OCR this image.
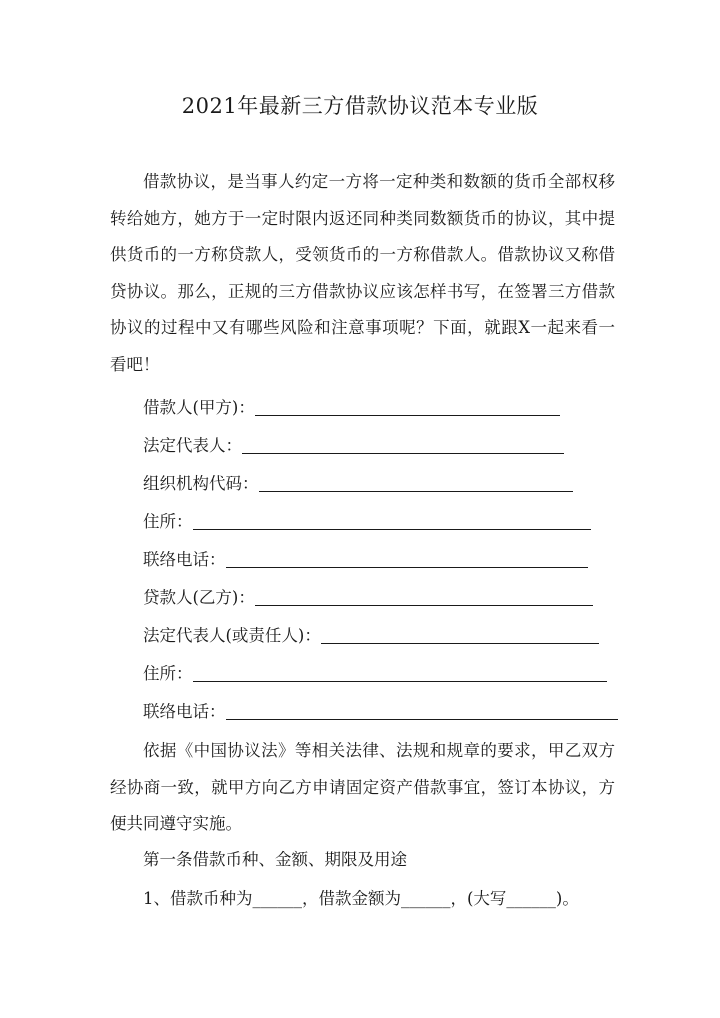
2021年最新三方借款协议范本专业版

借款协议，是当事人约定一方将一定种类和数额的货币全部权移转给她方，她方于一定时限内返还同种类同数额货币的协议，其中提供货币的一方称贷款人，受领货币的一方称借款人。借款协议又称借贷协议。那么，正规的三方借款协议应该怎样书写，在签署三方借款协议的过程中又有哪些风险和注意事项呢？下面，就跟X一起来看一看吧！

借款人(甲方)：
法定代表人：
组织机构代码：
住所：
联络电话：
贷款人(乙方)：
法定代表人(或责任人)：
住所：
联络电话：

依据《中国协议法》等相关法律、法规和规章的要求，甲乙双方经协商一致，就甲方向乙方申请固定资产借款事宜，签订本协议，方便共同遵守实施。

第一条借款币种、金额、期限及用途
1、借款币种为______，借款金额为______，(大写______)。
